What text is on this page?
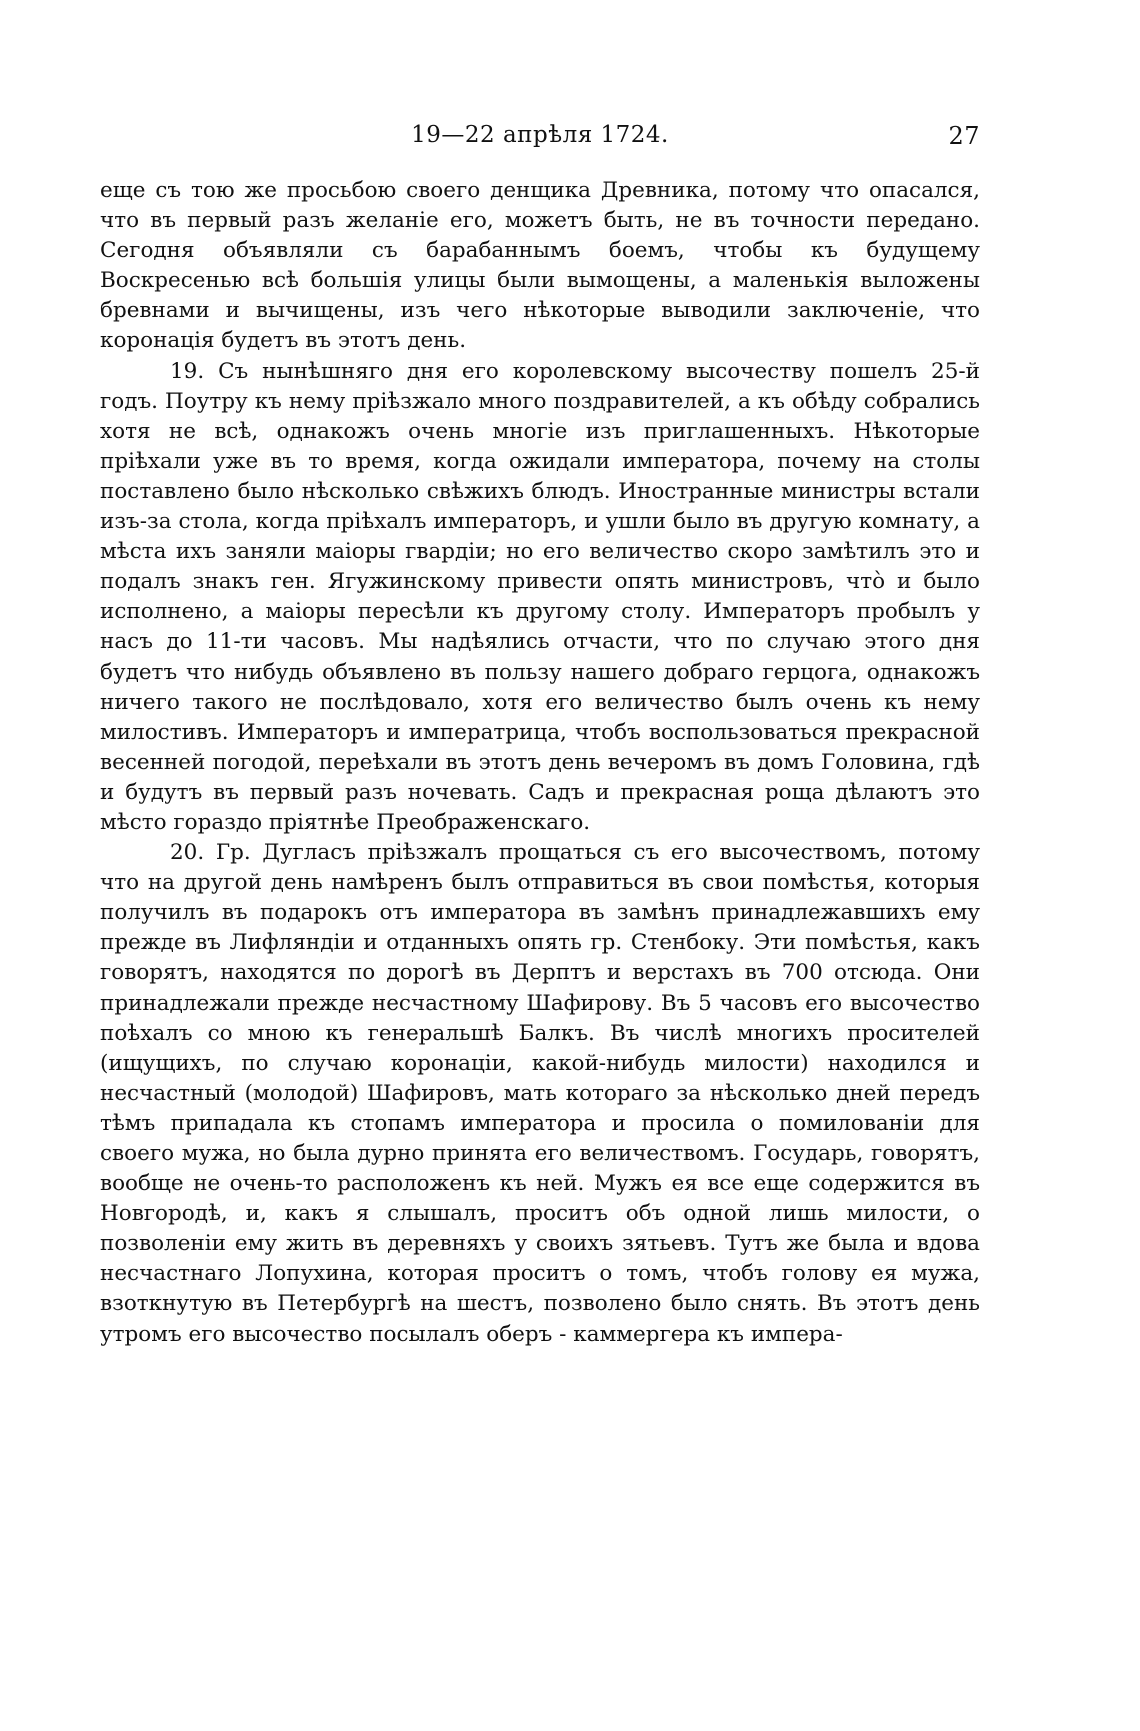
19—22 апрѣля 1724.	27

еще съ тою же просьбою своего денщика Древника, потому что опасался, что въ первый разъ желаніе его, можетъ быть, не въ точности передано. Сегодня объявляли съ барабаннымъ боемъ, чтобы къ будущему Воскресенью всѣ большія улицы были вымощены, а маленькія выложены бревнами и вычищены, изъ чего нѣкоторые выводили заключеніе, что коронація будетъ въ этотъ день.

19. Съ нынѣшняго дня его королевскому высочеству пошелъ 25-й годъ. Поутру къ нему пріѣзжало много поздравителей, а къ обѣду собрались хотя не всѣ, однакожъ очень многіе изъ приглашенныхъ. Нѣкоторые пріѣхали уже въ то время, когда ожидали императора, почему на столы поставлено было нѣсколько свѣжихъ блюдъ. Иностранные министры встали изъ-за стола, когда пріѣхалъ императоръ, и ушли было въ другую комнату, а мѣста ихъ заняли маіоры гвардіи; но его величество скоро замѣтилъ это и подалъ знакъ ген. Ягужинскому привести опять министровъ, что̀ и было исполнено, а маіоры пересѣли къ другому столу. Императоръ пробылъ у насъ до 11-ти часовъ. Мы надѣялись отчасти, что по случаю этого дня будетъ что нибудь объявлено въ пользу нашего добраго герцога, однакожъ ничего такого не послѣдовало, хотя его величество былъ очень къ нему милостивъ. Императоръ и императрица, чтобъ воспользоваться прекрасной весенней погодой, переѣхали въ этотъ день вечеромъ въ домъ Головина, гдѣ и будутъ въ первый разъ ночевать. Садъ и прекрасная роща дѣлаютъ это мѣсто гораздо пріятнѣе Преображенскаго.

20. Гр. Дугласъ пріѣзжалъ прощаться съ его высочествомъ, потому что на другой день намѣренъ былъ отправиться въ свои помѣстья, которыя получилъ въ подарокъ отъ императора въ замѣнъ принадлежавшихъ ему прежде въ Лифляндіи и отданныхъ опять гр. Стенбоку. Эти помѣстья, какъ говорятъ, находятся по дорогѣ въ Дерптъ и верстахъ въ 700 отсюда. Они принадлежали прежде несчастному Шафирову. Въ 5 часовъ его высочество поѣхалъ со мною къ генеральшѣ Балкъ. Въ числѣ многихъ просителей (ищущихъ, по случаю коронаціи, какой-нибудь милости) находился и несчастный (молодой) Шафировъ, мать котораго за нѣсколько дней передъ тѣмъ припадала къ стопамъ императора и просила о помилованіи для своего мужа, но была дурно принята его величествомъ. Государь, говорятъ, вообще не очень-то расположенъ къ ней. Мужъ ея все еще содержится въ Новгородѣ, и, какъ я слышалъ, проситъ объ одной лишь милости, о позволеніи ему жить въ деревняхъ у своихъ зятьевъ. Тутъ же была и вдова несчастнаго Лопухина, которая проситъ о томъ, чтобъ голову ея мужа, взоткнутую въ Петербургѣ на шестъ, позволено было снять. Въ этотъ день утромъ его высочество посылалъ оберъ - каммергера къ импера-
